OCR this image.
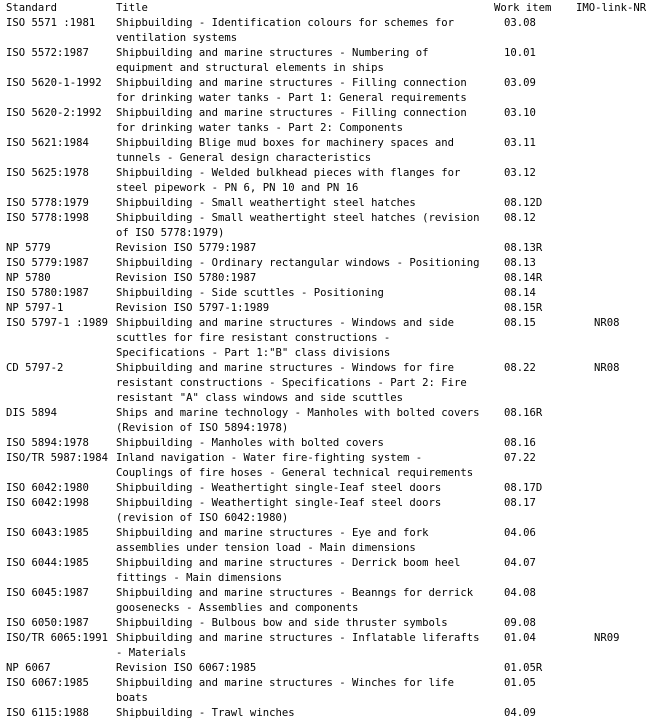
Standard	Title	Work item	IMO-link-NR
ISO 5571 :1981	Shipbuilding - Identification colours for schemes for ventilation systems	03.08	
ISO 5572:1987	Shipbuilding and marine structures - Numbering of equipment and structural elements in ships	10.01	
ISO 5620-1-1992	Shipbuilding and marine structures - Filling connection for drinking water tanks - Part 1: General requirements	03.09	
ISO 5620-2:1992	Shipbuilding and marine structures - Filling connection for drinking water tanks - Part 2: Components	03.10	
ISO 5621:1984	Shipbuilding Blige mud boxes for machinery spaces and tunnels - General design characteristics	03.11	
ISO 5625:1978	Shipbuilding - Welded bulkhead pieces with flanges for steel pipework - PN 6, PN 10 and PN 16	03.12	
ISO 5778:1979	Shipbuilding - Small weathertight steel hatches	08.12D	
ISO 5778:1998	Shipbuilding - Small weathertight steel hatches (revision of ISO 5778:1979)	08.12	
NP 5779	Revision ISO 5779:1987	08.13R	
ISO 5779:1987	Shipbuilding - Ordinary rectangular windows - Positioning	08.13	
NP 5780	Revision ISO 5780:1987	08.14R	
ISO 5780:1987	Shipbuilding - Side scuttles - Positioning	08.14	
NP 5797-1	Revision ISO 5797-1:1989	08.15R	
ISO 5797-1 :1989	Shipbuilding and marine structures - Windows and side scuttles for fire resistant constructions - Specifications - Part 1:"B" class divisions	08.15	NR08
CD 5797-2	Shipbuilding and marine structures - Windows for fire resistant constructions - Specifications - Part 2: Fire resistant "A" class windows and side scuttles	08.22	NR08
DIS 5894	Ships and marine technology - Manholes with bolted covers (Revision of ISO 5894:1978)	08.16R	
ISO 5894:1978	Shipbuilding - Manholes with bolted covers	08.16	
ISO/TR 5987:1984	Inland navigation - Water fire-fighting system - Couplings of fire hoses - General technical requirements	07.22	
ISO 6042:1980	Shipbuilding - Weathertight single-Ieaf steel doors	08.17D	
ISO 6042:1998	Shipbuilding - Weathertight single-Ieaf steel doors (revision of ISO 6042:1980)	08.17	
ISO 6043:1985	Shipbuilding and marine structures - Eye and fork assemblies under tension load - Main dimensions	04.06	
ISO 6044:1985	Shipbuilding and marine structures - Derrick boom heel fittings - Main dimensions	04.07	
ISO 6045:1987	Shipbuilding and marine structures - Beanngs for derrick goosenecks - Assemblies and components	04.08	
ISO 6050:1987	Shipbuilding - Bulbous bow and side thruster symbols	09.08	
ISO/TR 6065:1991	Shipbuilding and marine structures - Inflatable liferafts - Materials	01.04	NR09
NP 6067	Revision ISO 6067:1985	01.05R	
ISO 6067:1985	Shipbuilding and marine structures - Winches for life boats	01.05	
ISO 6115:1988	Shipbuilding - Trawl winches	04.09	
